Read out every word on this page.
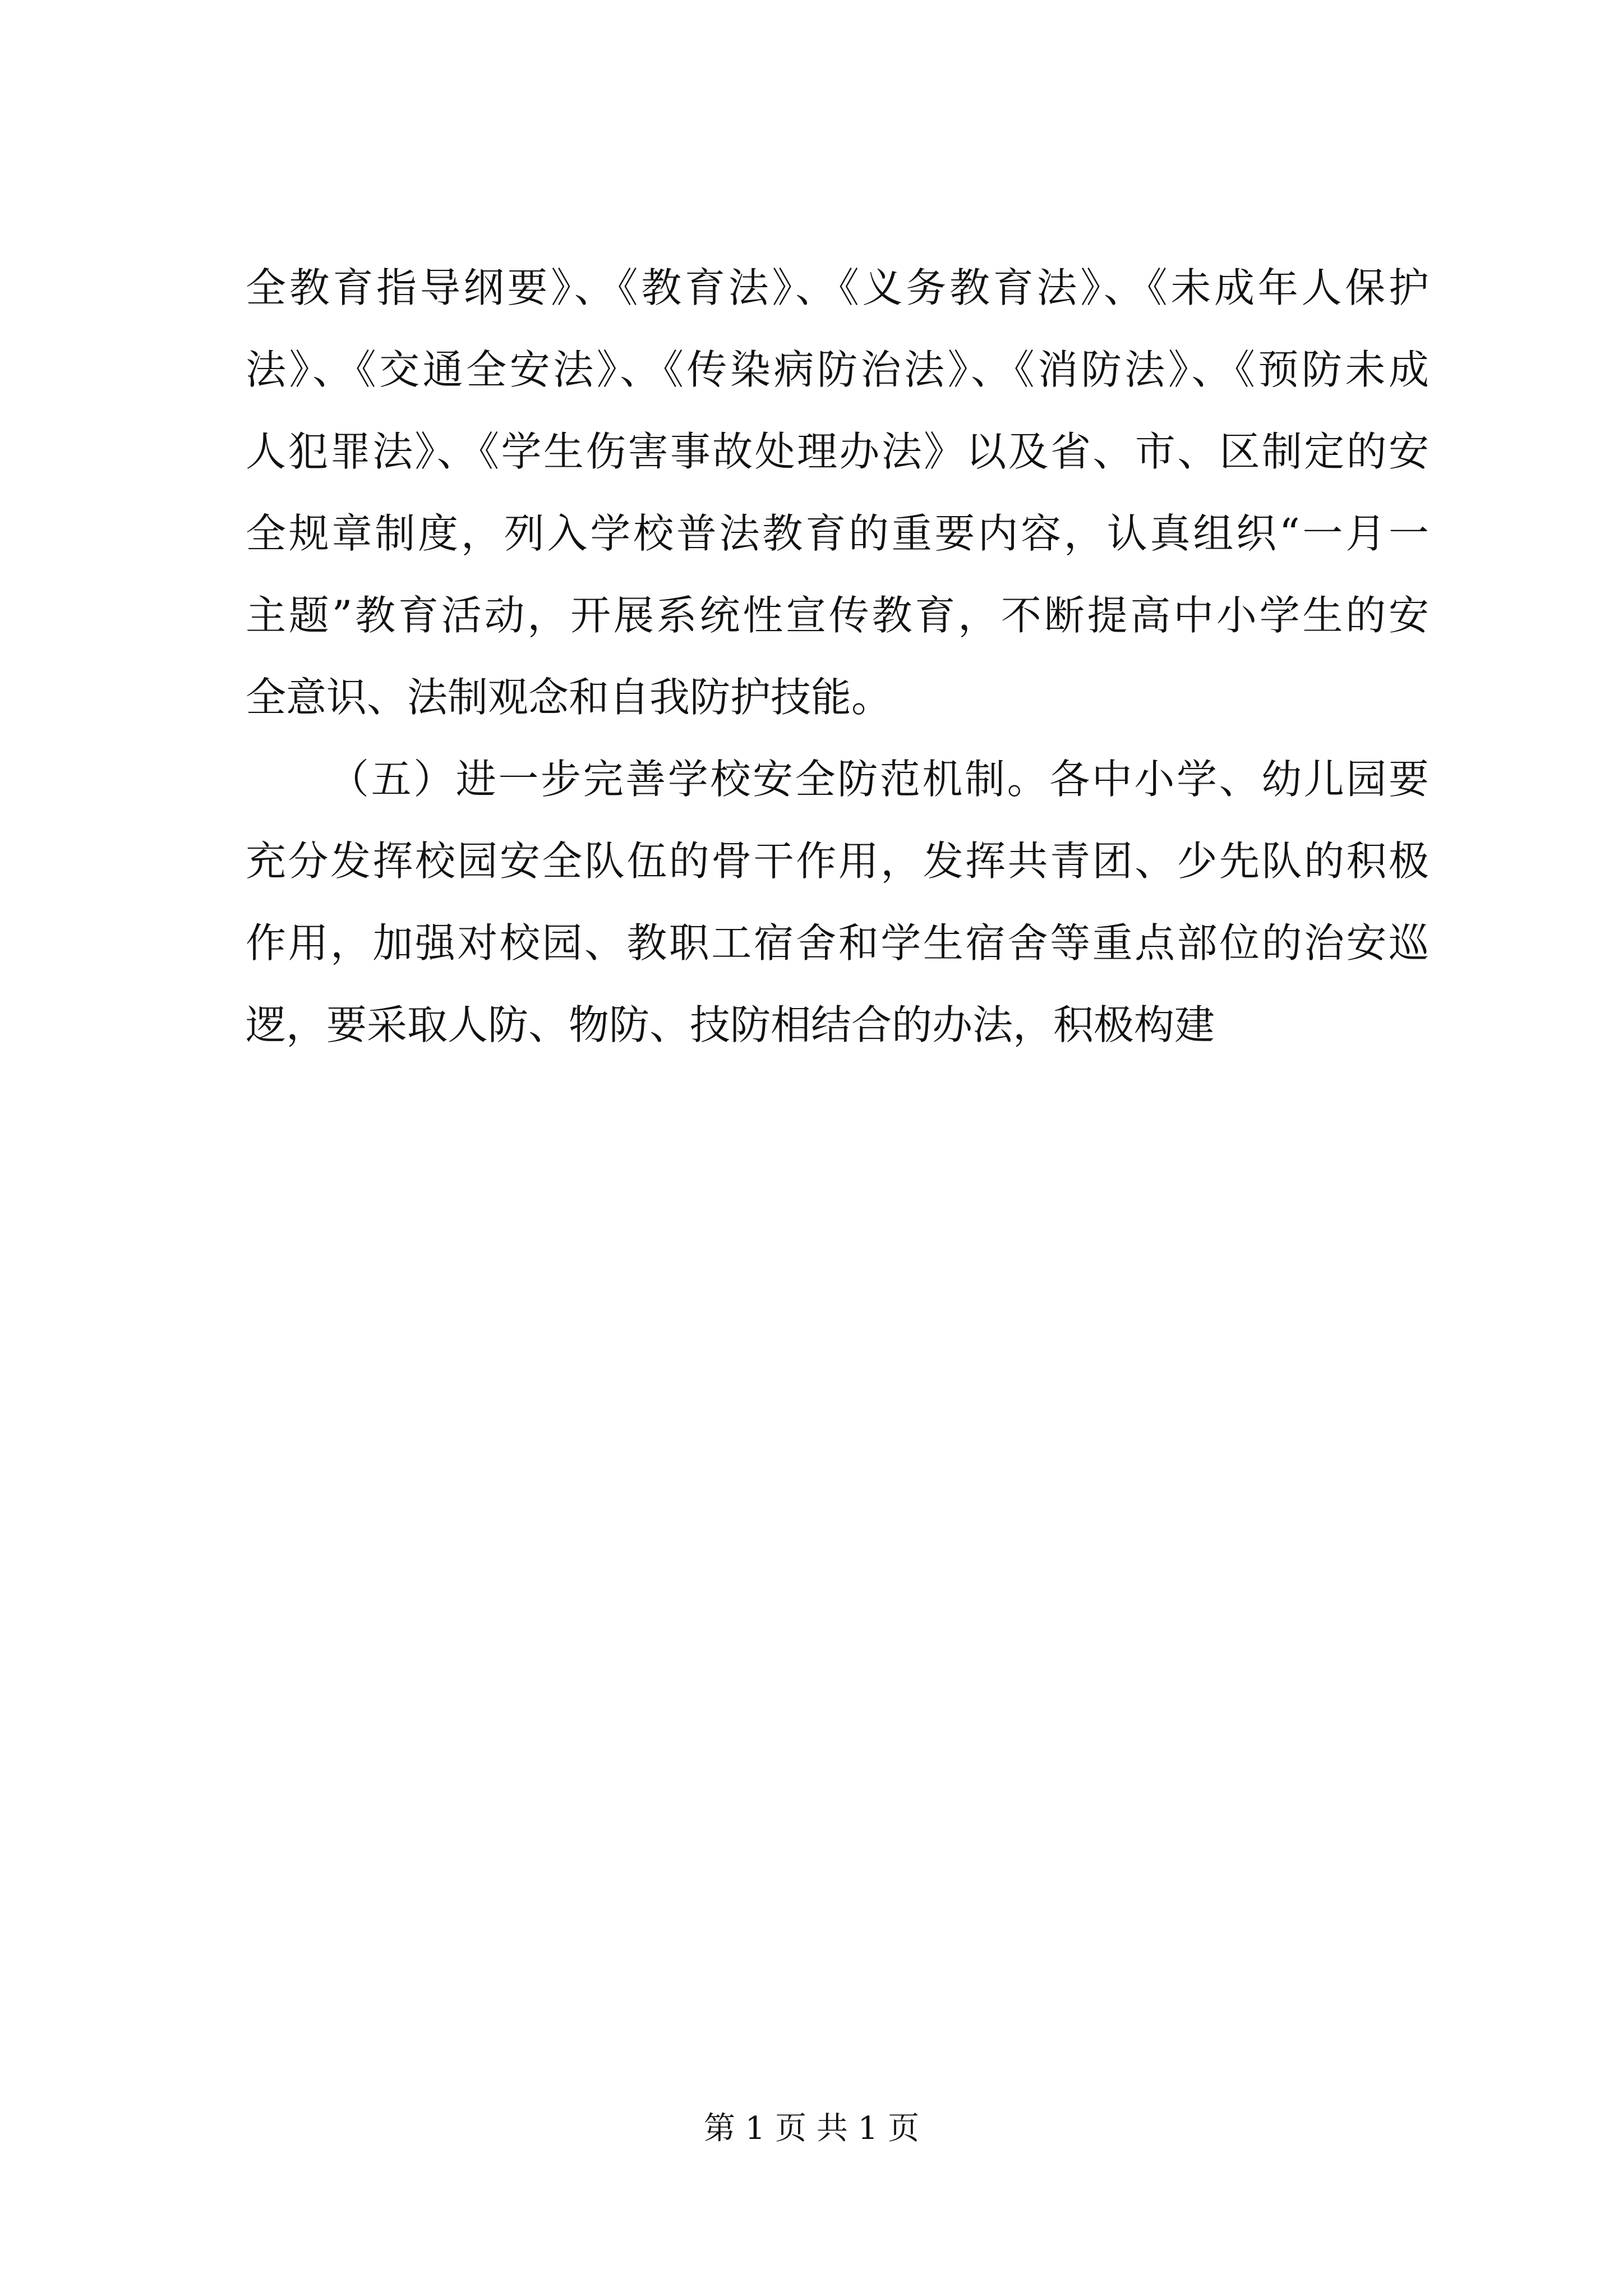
全教育指导纲要》、《教育法》、《义务教育法》、《未成年人保护
法》、《交通全安法》、《传染病防治法》、《消防法》、《预防未成
人犯罪法》、《学生伤害事故处理办法》以及省、市、区制定的安
全规章制度，列入学校普法教育的重要内容，认真组织“一月一
主题”教育活动，开展系统性宣传教育，不断提高中小学生的安
全意识、法制观念和自我防护技能。
（五）进一步完善学校安全防范机制。各中小学、幼儿园要
充分发挥校园安全队伍的骨干作用，发挥共青团、少先队的积极
作用，加强对校园、教职工宿舍和学生宿舍等重点部位的治安巡
逻，要采取人防、物防、技防相结合的办法，积极构建
第 1 页 共 1 页
